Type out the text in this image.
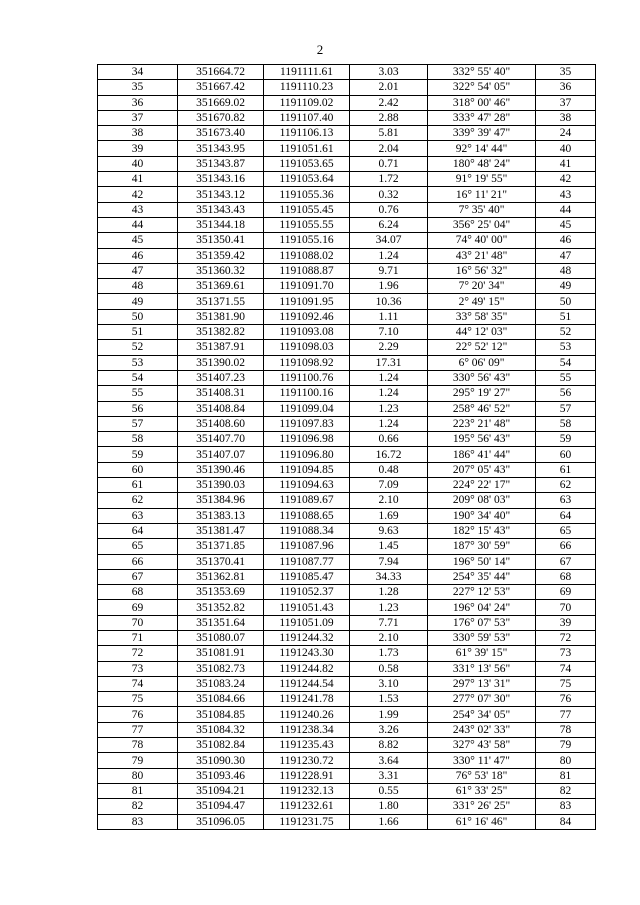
2
34	351664.72	1191111.61	3.03	332° 55' 40"	35
35	351667.42	1191110.23	2.01	322° 54' 05"	36
36	351669.02	1191109.02	2.42	318° 00' 46"	37
37	351670.82	1191107.40	2.88	333° 47' 28"	38
38	351673.40	1191106.13	5.81	339° 39' 47"	24
39	351343.95	1191051.61	2.04	92° 14' 44"	40
40	351343.87	1191053.65	0.71	180° 48' 24"	41
41	351343.16	1191053.64	1.72	91° 19' 55"	42
42	351343.12	1191055.36	0.32	16° 11' 21"	43
43	351343.43	1191055.45	0.76	7° 35' 40"	44
44	351344.18	1191055.55	6.24	356° 25' 04"	45
45	351350.41	1191055.16	34.07	74° 40' 00"	46
46	351359.42	1191088.02	1.24	43° 21' 48"	47
47	351360.32	1191088.87	9.71	16° 56' 32"	48
48	351369.61	1191091.70	1.96	7° 20' 34"	49
49	351371.55	1191091.95	10.36	2° 49' 15"	50
50	351381.90	1191092.46	1.11	33° 58' 35"	51
51	351382.82	1191093.08	7.10	44° 12' 03"	52
52	351387.91	1191098.03	2.29	22° 52' 12"	53
53	351390.02	1191098.92	17.31	6° 06' 09"	54
54	351407.23	1191100.76	1.24	330° 56' 43"	55
55	351408.31	1191100.16	1.24	295° 19' 27"	56
56	351408.84	1191099.04	1.23	258° 46' 52"	57
57	351408.60	1191097.83	1.24	223° 21' 48"	58
58	351407.70	1191096.98	0.66	195° 56' 43"	59
59	351407.07	1191096.80	16.72	186° 41' 44"	60
60	351390.46	1191094.85	0.48	207° 05' 43"	61
61	351390.03	1191094.63	7.09	224° 22' 17"	62
62	351384.96	1191089.67	2.10	209° 08' 03"	63
63	351383.13	1191088.65	1.69	190° 34' 40"	64
64	351381.47	1191088.34	9.63	182° 15' 43"	65
65	351371.85	1191087.96	1.45	187° 30' 59"	66
66	351370.41	1191087.77	7.94	196° 50' 14"	67
67	351362.81	1191085.47	34.33	254° 35' 44"	68
68	351353.69	1191052.37	1.28	227° 12' 53"	69
69	351352.82	1191051.43	1.23	196° 04' 24"	70
70	351351.64	1191051.09	7.71	176° 07' 53"	39
71	351080.07	1191244.32	2.10	330° 59' 53"	72
72	351081.91	1191243.30	1.73	61° 39' 15"	73
73	351082.73	1191244.82	0.58	331° 13' 56"	74
74	351083.24	1191244.54	3.10	297° 13' 31"	75
75	351084.66	1191241.78	1.53	277° 07' 30"	76
76	351084.85	1191240.26	1.99	254° 34' 05"	77
77	351084.32	1191238.34	3.26	243° 02' 33"	78
78	351082.84	1191235.43	8.82	327° 43' 58"	79
79	351090.30	1191230.72	3.64	330° 11' 47"	80
80	351093.46	1191228.91	3.31	76° 53' 18"	81
81	351094.21	1191232.13	0.55	61° 33' 25"	82
82	351094.47	1191232.61	1.80	331° 26' 25"	83
83	351096.05	1191231.75	1.66	61° 16' 46"	84
